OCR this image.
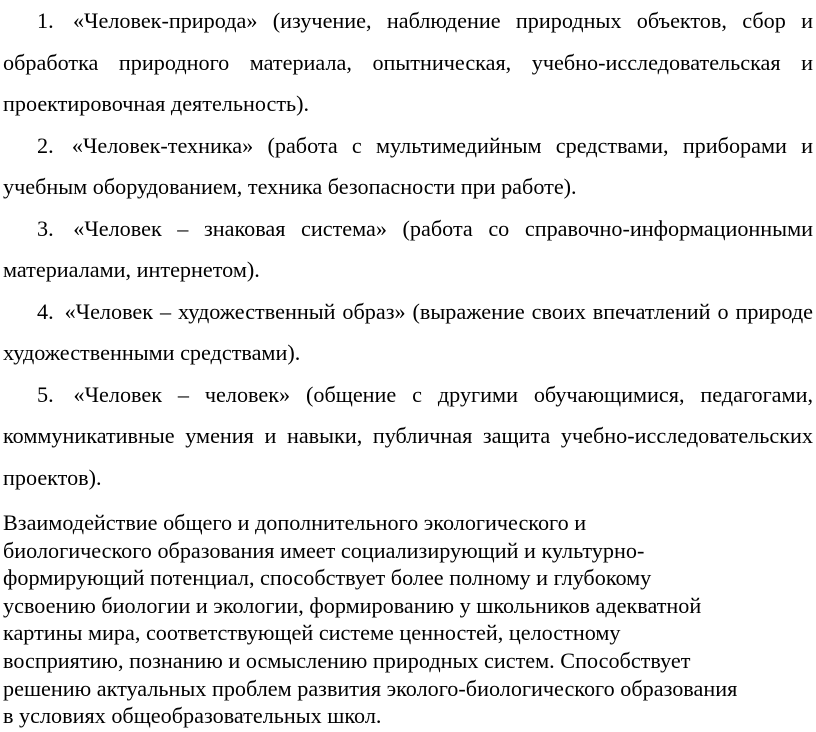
1. «Человек-природа» (изучение, наблюдение природных объектов, сбор и обработка природного материала, опытническая, учебно-исследовательская и проектировочная деятельность).

2. «Человек-техника» (работа с мультимедийным средствами, приборами и учебным оборудованием, техника безопасности при работе).

3. «Человек – знаковая система» (работа со справочно-информационными материалами, интернетом).

4. «Человек – художественный образ» (выражение своих впечатлений о природе художественными средствами).

5. «Человек – человек» (общение с другими обучающимися, педагогами, коммуникативные умения и навыки, публичная защита учебно-исследовательских проектов).

Взаимодействие общего и дополнительного экологического и
биологического образования имеет социализирующий и культурно-
формирующий потенциал, способствует более полному и глубокому
усвоению биологии и экологии, формированию у школьников адекватной
картины мира, соответствующей системе ценностей, целостному
восприятию, познанию и осмыслению природных систем. Способствует
решению актуальных проблем развития эколого-биологического образования
в условиях общеобразовательных школ.
